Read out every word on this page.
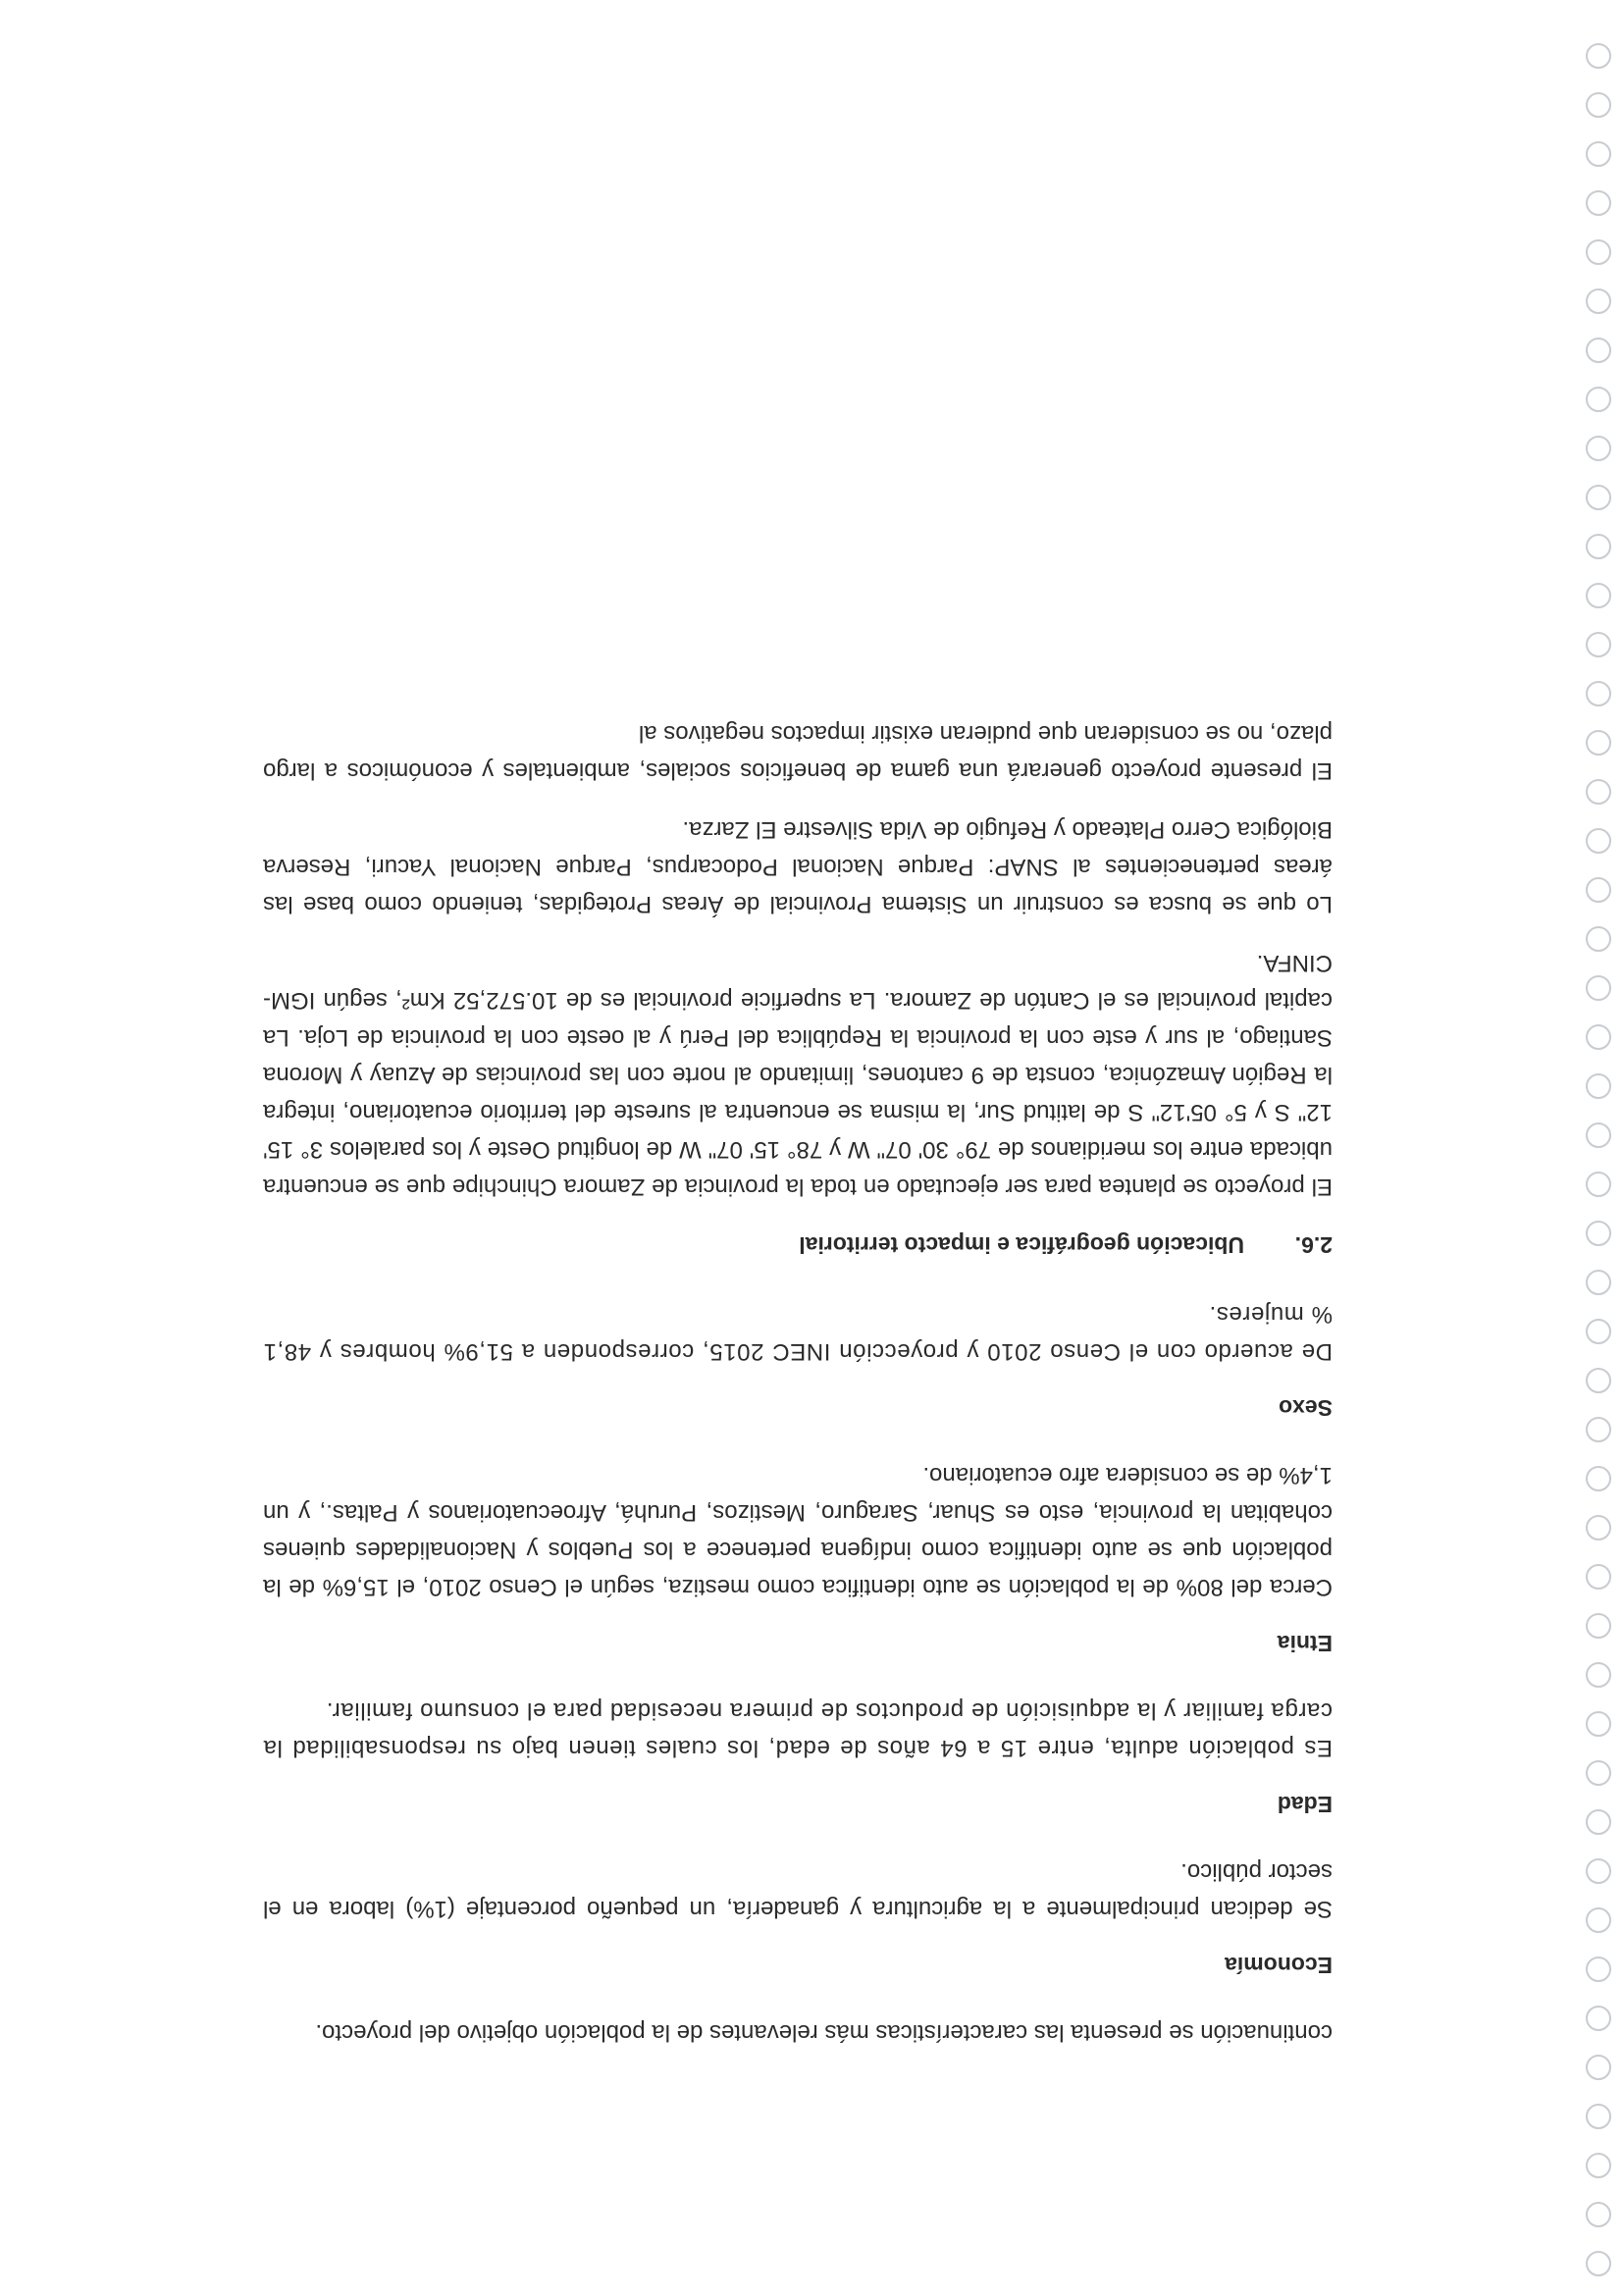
continuación se presenta las características más relevantes de la población objetivo del proyecto.

Economía

Se dedican principalmente a la agricultura y ganadería, un pequeño porcentaje (1%) labora en el sector público.

Edad

Es población adulta, entre 15 a 64 años de edad, los cuales tienen bajo su responsabilidad la carga familiar y la adquisición de productos de primera necesidad para el consumo familiar.

Etnia

Cerca del 80% de la población se auto identifica como mestiza, según el Censo 2010, el 15,6% de la población que se auto identifica como indígena pertenece a los Pueblos y Nacionalidades quienes cohabitan la provincia, esto es Shuar, Saraguro, Mestizos, Puruhá, Afroecuatorianos y Paltas., y un 1,4% de se considera afro ecuatoriano.

Sexo

De acuerdo con el Censo 2010 y proyección INEC 2015, corresponden a 51,9% hombres y 48,1 % mujeres.

2.6.Ubicación geográfica e impacto territorial

El proyecto se plantea para ser ejecutado en toda la provincia de Zamora Chinchipe que se encuentra ubicada entre los meridianos de 79° 30' 07" W y 78° 15' 07" W de longitud Oeste y los paralelos 3° 15' 12" S y 5° 05'12" S de latitud Sur, la misma se encuentra al sureste del territorio ecuatoriano, integra la Región Amazónica, consta de 9 cantones, limitando al norte con las provincias de Azuay y Morona Santiago, al sur y este con la provincia la República del Perú y al oeste con la provincia de Loja. La capital provincial es el Cantón de Zamora. La superficie provincial es de 10.572,52 Km², según IGM-CINFA.

Lo que se busca es construir un Sistema Provincial de Áreas Protegidas, teniendo como base las áreas pertenecientes al SNAP: Parque Nacional Podocarpus, Parque Nacional Yacuri, Reserva Biológica Cerro Plateado y Refugio de Vida Silvestre El Zarza.

El presente proyecto generará una gama de beneficios sociales, ambientales y económicos a largo plazo, no se consideran que pudieran existir impactos negativos al
